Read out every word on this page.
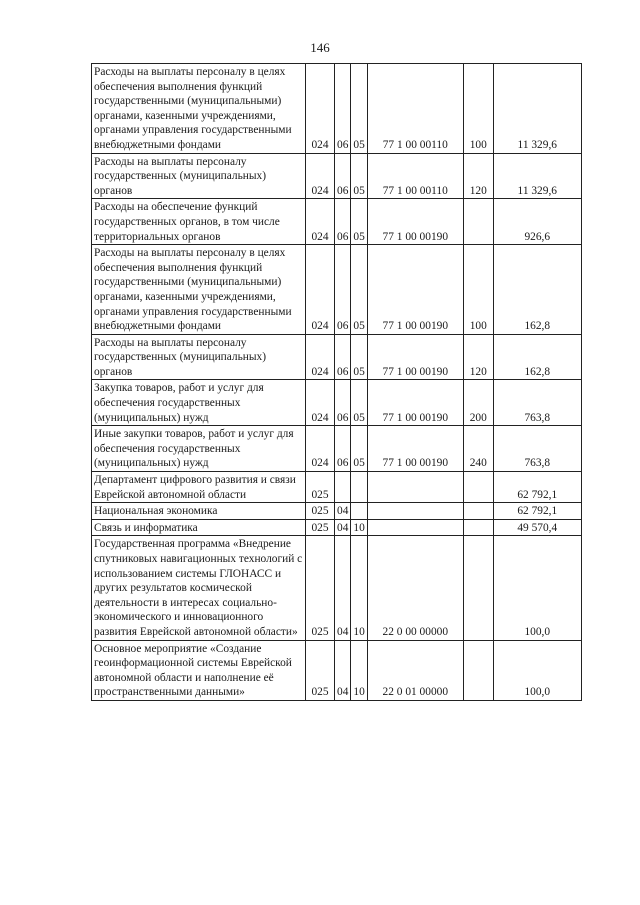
146
Расходы на выплаты персоналу в целях обеспечения выполнения функций государственными (муниципальными) органами, казенными учреждениями, органами управления государственными внебюджетными фондами	024	06	05	77 1 00 00110	100	11 329,6
Расходы на выплаты персоналу государственных (муниципальных) органов	024	06	05	77 1 00 00110	120	11 329,6
Расходы на обеспечение функций государственных органов, в том числе территориальных органов	024	06	05	77 1 00 00190		926,6
Расходы на выплаты персоналу в целях обеспечения выполнения функций государственными (муниципальными) органами, казенными учреждениями, органами управления государственными внебюджетными фондами	024	06	05	77 1 00 00190	100	162,8
Расходы на выплаты персоналу государственных (муниципальных) органов	024	06	05	77 1 00 00190	120	162,8
Закупка товаров, работ и услуг для обеспечения государственных (муниципальных) нужд	024	06	05	77 1 00 00190	200	763,8
Иные закупки товаров, работ и услуг для обеспечения государственных (муниципальных) нужд	024	06	05	77 1 00 00190	240	763,8
Департамент цифрового развития и связи Еврейской автономной области	025					62 792,1
Национальная экономика	025	04				62 792,1
Связь и информатика	025	04	10			49 570,4
Государственная программа «Внедрение спутниковых навигационных технологий с использованием системы ГЛОНАСС и других результатов космической деятельности в интересах социально-экономического и инновационного развития Еврейской автономной области»	025	04	10	22 0 00 00000		100,0
Основное мероприятие «Создание геоинформационной системы Еврейской автономной области и наполнение её пространственными данными»	025	04	10	22 0 01 00000		100,0
